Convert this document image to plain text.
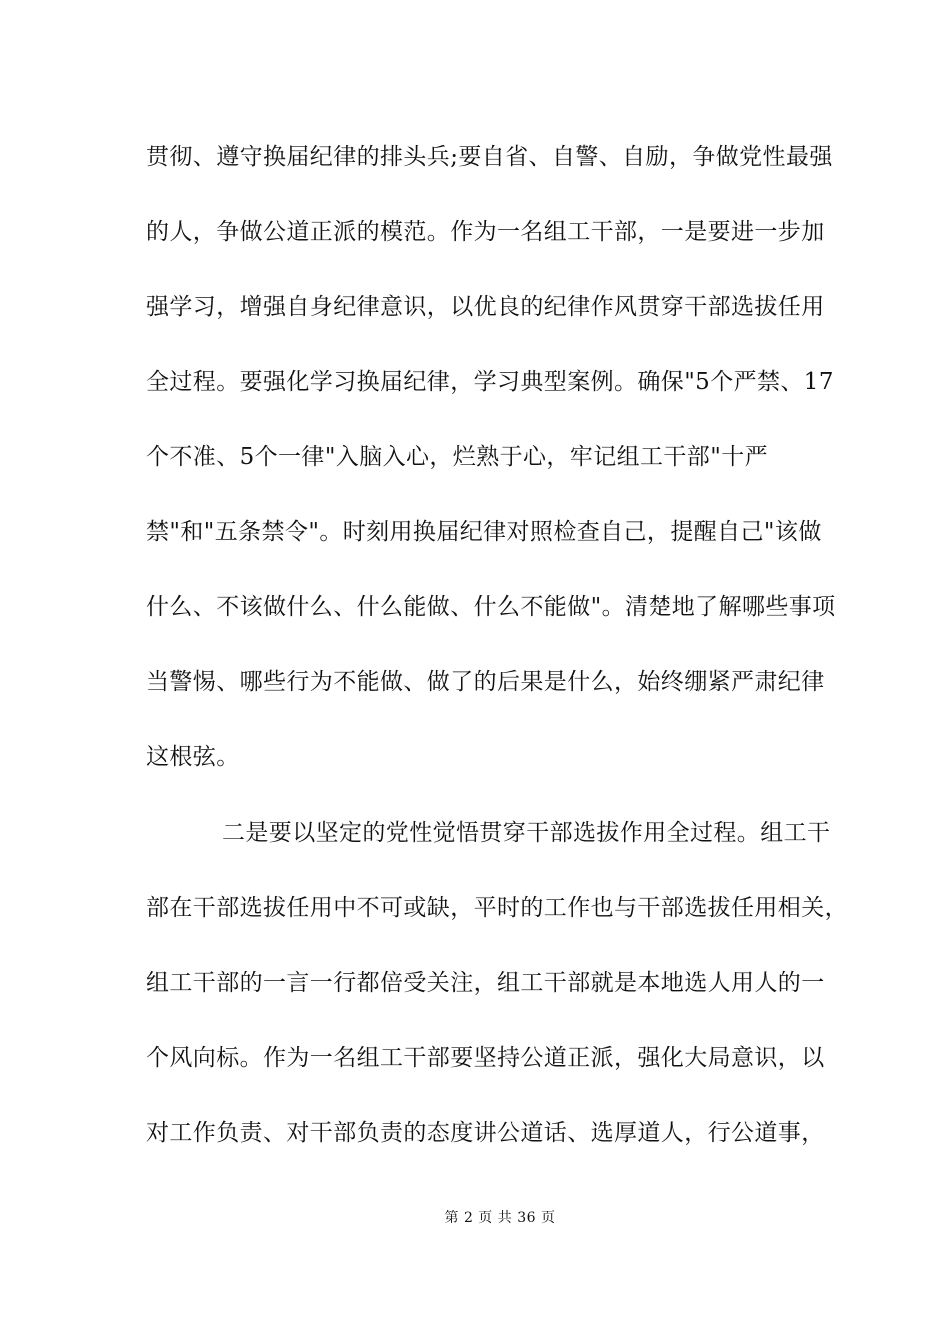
贯彻、遵守换届纪律的排头兵;要自省、自警、自励，争做党性最强
的人，争做公道正派的模范。作为一名组工干部，一是要进一步加
强学习，增强自身纪律意识，以优良的纪律作风贯穿干部选拔任用
全过程。要强化学习换届纪律，学习典型案例。确保"5个严禁、17
个不准、5个一律"入脑入心，烂熟于心，牢记组工干部"十严
禁"和"五条禁令"。时刻用换届纪律对照检查自己，提醒自己"该做
什么、不该做什么、什么能做、什么不能做"。清楚地了解哪些事项
当警惕、哪些行为不能做、做了的后果是什么，始终绷紧严肃纪律
这根弦。
二是要以坚定的党性觉悟贯穿干部选拔作用全过程。组工干
部在干部选拔任用中不可或缺，平时的工作也与干部选拔任用相关，
组工干部的一言一行都倍受关注，组工干部就是本地选人用人的一
个风向标。作为一名组工干部要坚持公道正派，强化大局意识，以
对工作负责、对干部负责的态度讲公道话、选厚道人，行公道事，
第 2 页 共 36 页
